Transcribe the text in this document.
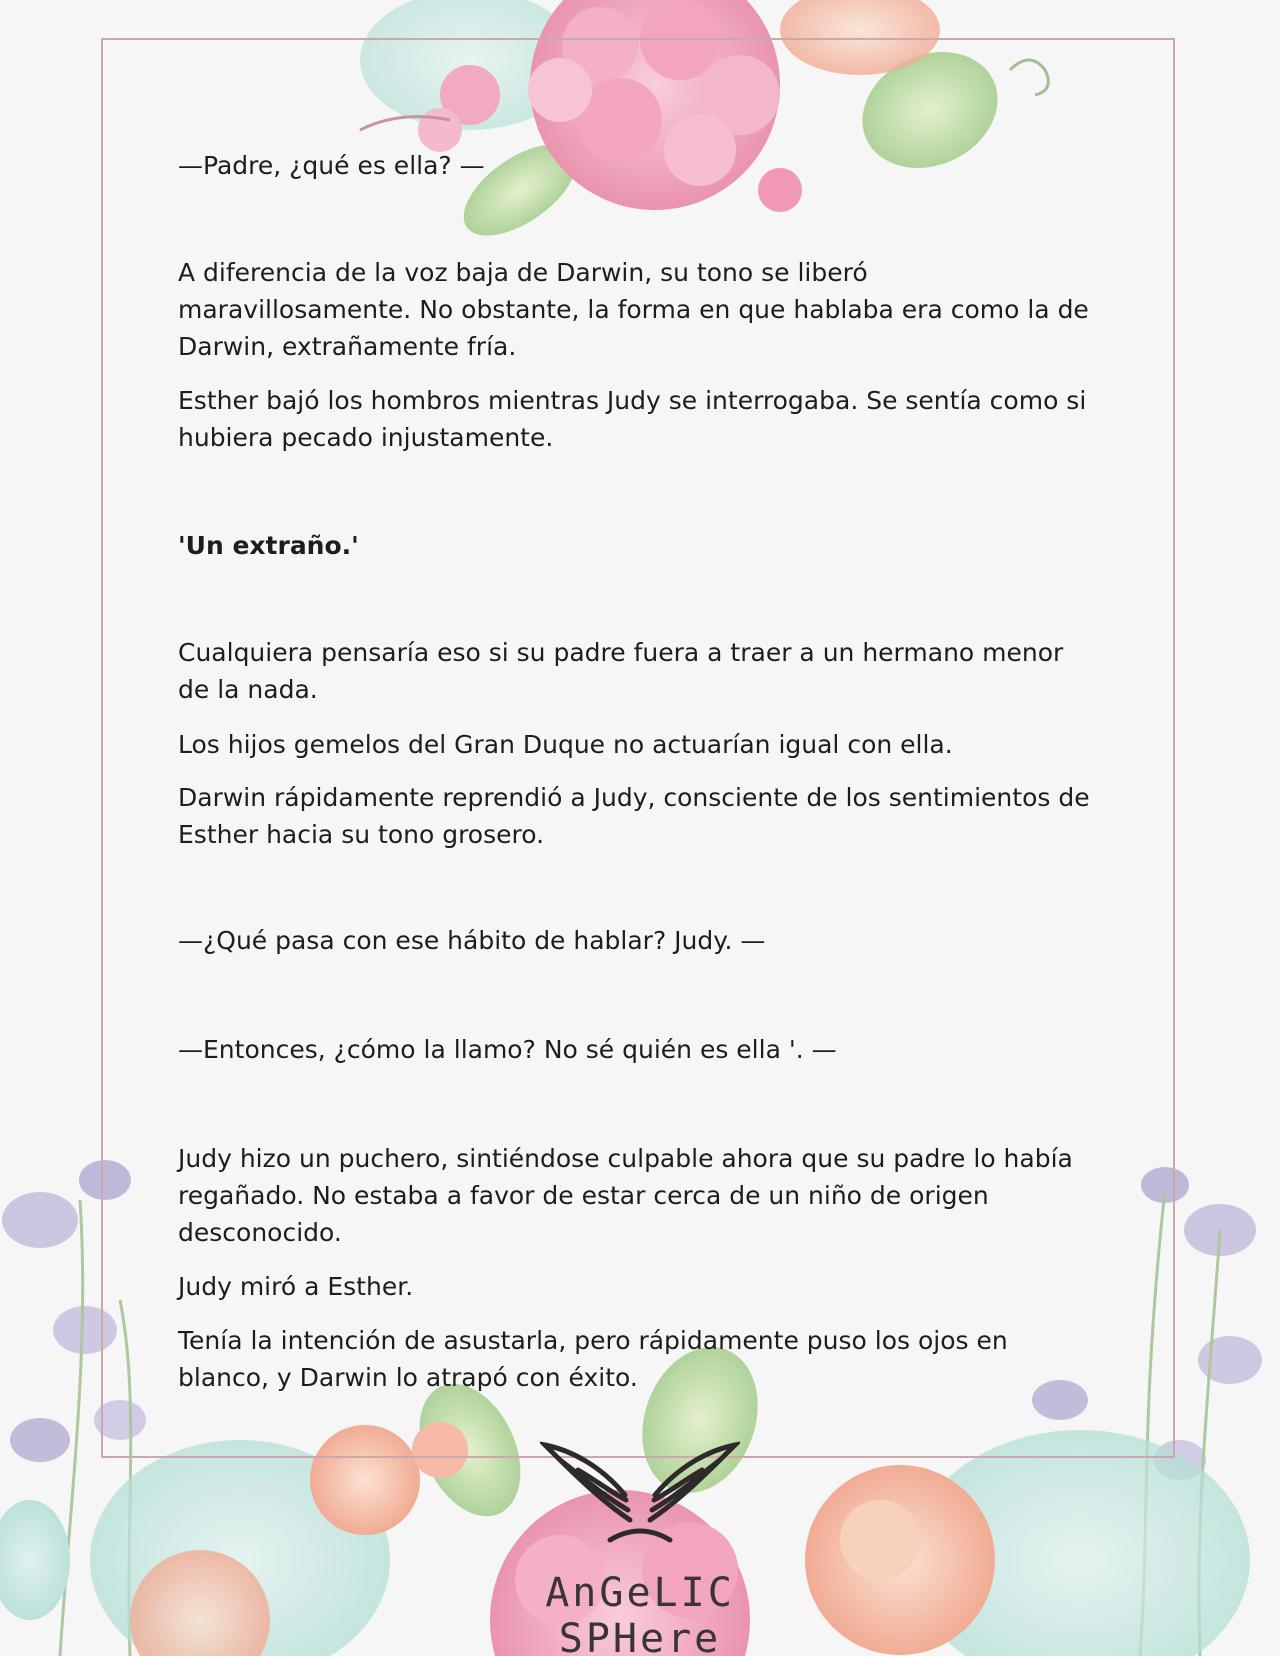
—Padre, ¿qué es ella? —

A diferencia de la voz baja de Darwin, su tono se liberó maravillosamente. No obstante, la forma en que hablaba era como la de Darwin, extrañamente fría.

Esther bajó los hombros mientras Judy se interrogaba. Se sentía como si hubiera pecado injustamente.

'Un extraño.'

Cualquiera pensaría eso si su padre fuera a traer a un hermano menor de la nada.

Los hijos gemelos del Gran Duque no actuarían igual con ella.

Darwin rápidamente reprendió a Judy, consciente de los sentimientos de Esther hacia su tono grosero.

—¿Qué pasa con ese hábito de hablar? Judy. —

—Entonces, ¿cómo la llamo? No sé quién es ella '. —

Judy hizo un puchero, sintiéndose culpable ahora que su padre lo había regañado. No estaba a favor de estar cerca de un niño de origen desconocido.

Judy miró a Esther.

Tenía la intención de asustarla, pero rápidamente puso los ojos en blanco, y Darwin lo atrapó con éxito.

AnGeLIC SPHere
